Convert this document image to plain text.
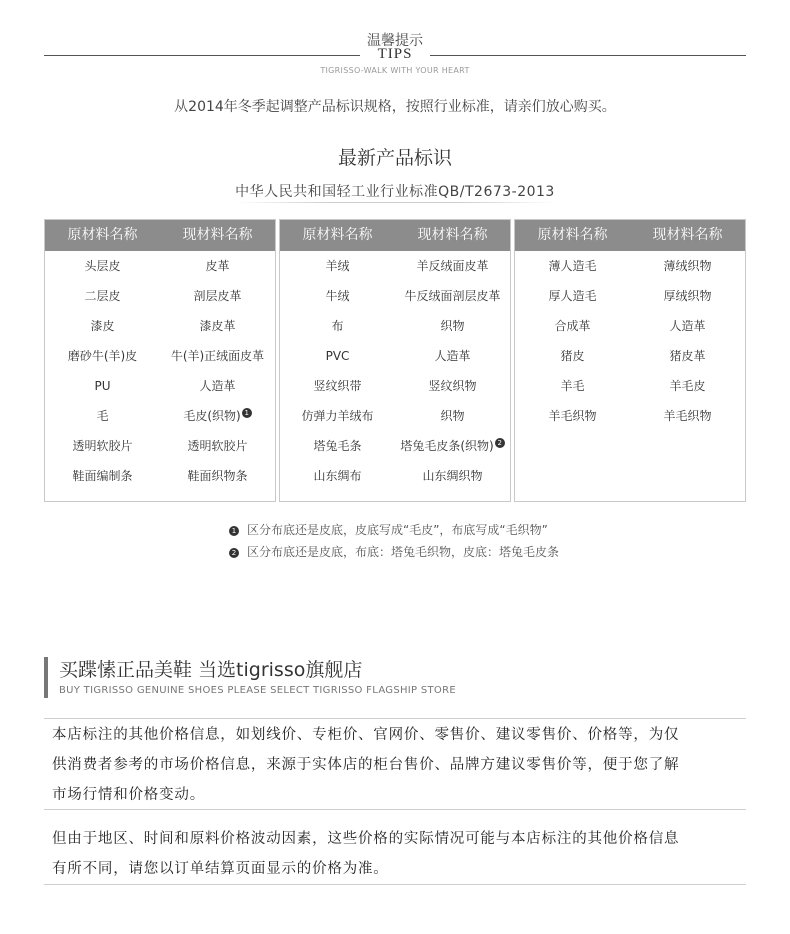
温馨提示
TIPS
TIGRISSO-WALK WITH YOUR HEART
从2014年冬季起调整产品标识规格，按照行业标准，请亲们放心购买。
最新产品标识
中华人民共和国轻工业行业标准QB/T2673-2013
原材料名称	现材料名称
头层皮	皮革
二层皮	剖层皮革
漆皮	漆皮革
磨砂牛(羊)皮	牛(羊)正绒面皮革
PU	人造革
毛	毛皮(织物) 1
透明软胶片	透明软胶片
鞋面编制条	鞋面织物条
原材料名称	现材料名称
羊绒	羊反绒面皮革
牛绒	牛反绒面剖层皮革
布	织物
PVC	人造革
竖纹织带	竖纹织物
仿弹力羊绒布	织物
塔兔毛条	塔兔毛皮条(织物) 2
山东绸布	山东绸织物
原材料名称	现材料名称
薄人造毛	薄绒织物
厚人造毛	厚绒织物
合成革	人造革
猪皮	猪皮革
羊毛	羊毛皮
羊毛织物	羊毛织物
1 区分布底还是皮底，皮底写成“毛皮”，布底写成“毛织物”
2 区分布底还是皮底，布底：塔兔毛织物，皮底：塔兔毛皮条
买蹀愫正品美鞋 当选tigrisso旗舰店
BUY TIGRISSO GENUINE SHOES PLEASE SELECT TIGRISSO FLAGSHIP STORE
本店标注的其他价格信息，如划线价、专柜价、官网价、零售价、建议零售价、价格等，为仅
供消费者参考的市场价格信息，来源于实体店的柜台售价、品牌方建议零售价等，便于您了解
市场行情和价格变动。
但由于地区、时间和原料价格波动因素，这些价格的实际情况可能与本店标注的其他价格信息
有所不同，请您以订单结算页面显示的价格为准。
